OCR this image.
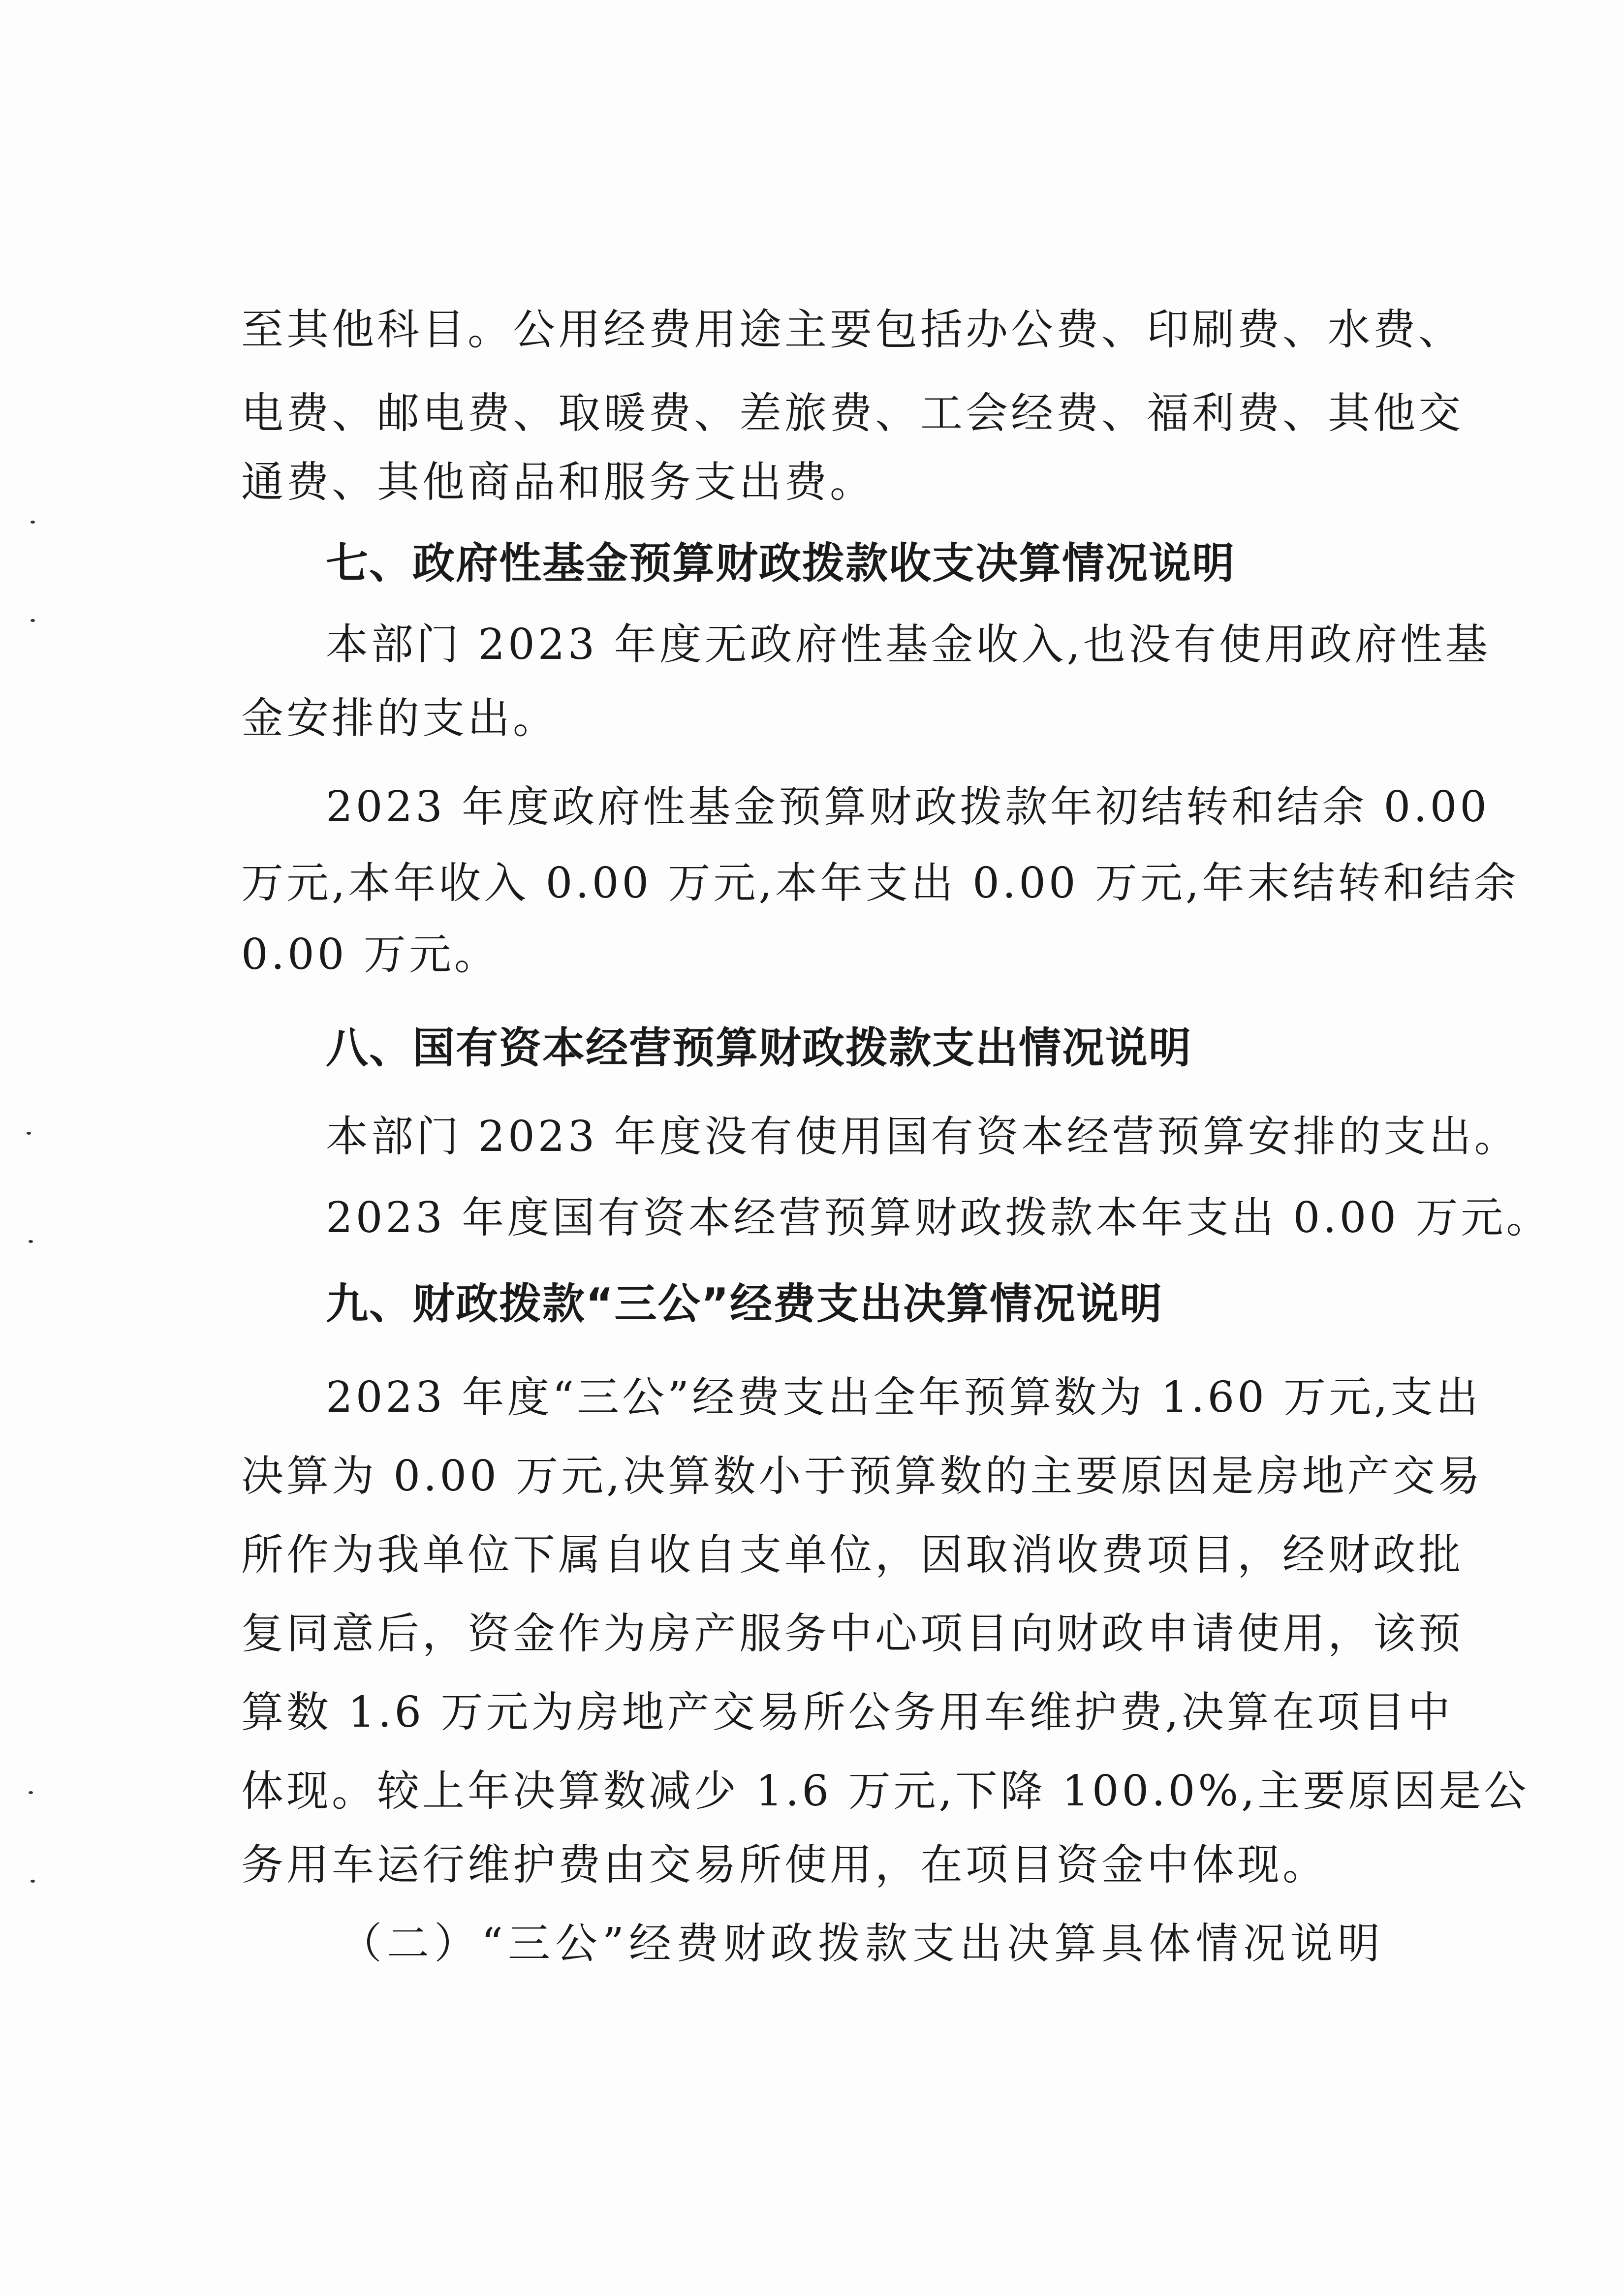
至其他科目。公用经费用途主要包括办公费、印刷费、水费、
电费、邮电费、取暖费、差旅费、工会经费、福利费、其他交
通费、其他商品和服务支出费。
七、政府性基金预算财政拨款收支决算情况说明
本部门 2023 年度无政府性基金收入,也没有使用政府性基
金安排的支出。
2023 年度政府性基金预算财政拨款年初结转和结余 0.00
万元,本年收入 0.00 万元,本年支出 0.00 万元,年末结转和结余
0.00 万元。
八、国有资本经营预算财政拨款支出情况说明
本部门 2023 年度没有使用国有资本经营预算安排的支出。
2023 年度国有资本经营预算财政拨款本年支出 0.00 万元。
九、财政拨款“三公”经费支出决算情况说明
2023 年度“三公”经费支出全年预算数为 1.60 万元,支出
决算为 0.00 万元,决算数小于预算数的主要原因是房地产交易
所作为我单位下属自收自支单位，因取消收费项目，经财政批
复同意后，资金作为房产服务中心项目向财政申请使用，该预
算数 1.6 万元为房地产交易所公务用车维护费,决算在项目中
体现。较上年决算数减少 1.6 万元,下降 100.0%,主要原因是公
务用车运行维护费由交易所使用，在项目资金中体现。
（二）“三公”经费财政拨款支出决算具体情况说明
